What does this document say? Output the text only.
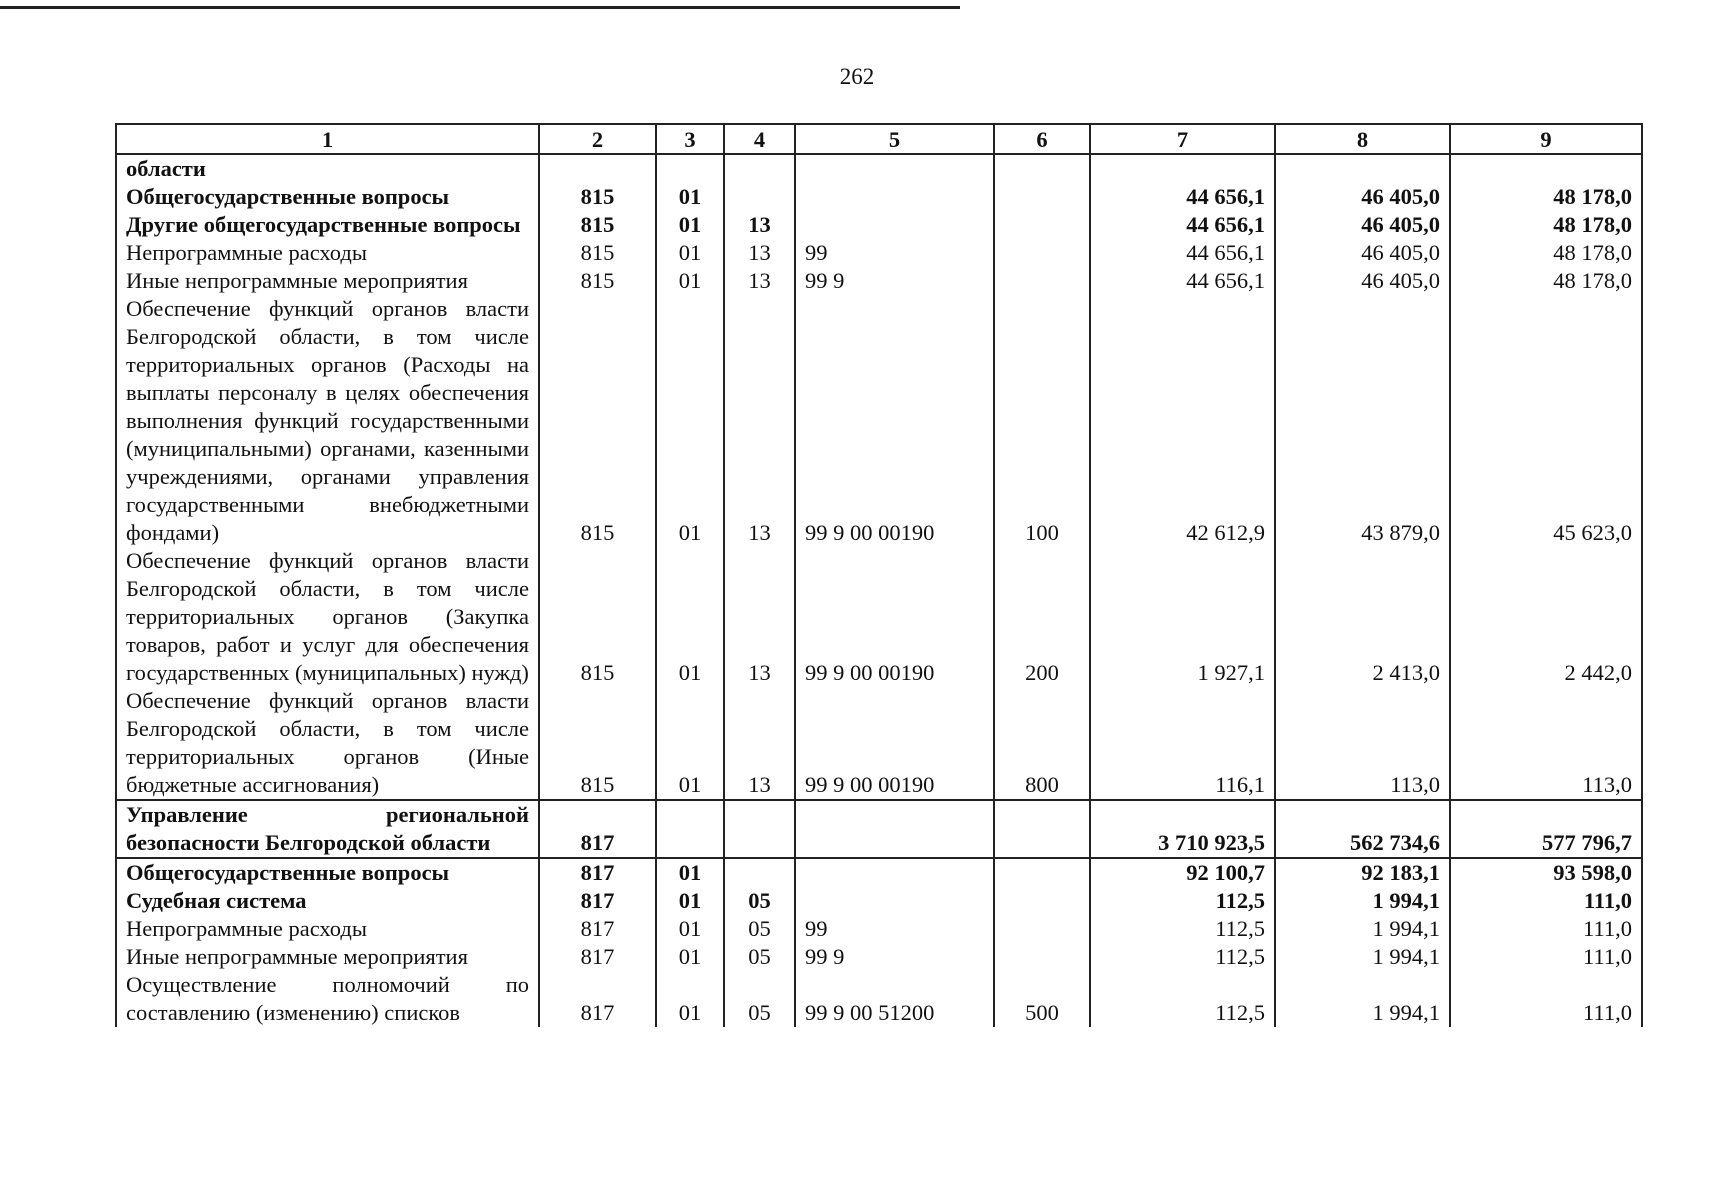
262
1	2	3	4	5	6	7	8	9
области								
Общегосударственные вопросы	815	01				44 656,1	46 405,0	48 178,0
Другие общегосударственные вопросы	815	01	13			44 656,1	46 405,0	48 178,0
Непрограммные расходы	815	01	13	99		44 656,1	46 405,0	48 178,0
Иные непрограммные мероприятия	815	01	13	99 9		44 656,1	46 405,0	48 178,0
Обеспечение функций органов власти Белгородской области, в том числе территориальных органов (Расходы на выплаты персоналу в целях обеспечения выполнения функций государственными (муниципальными) органами, казенными учреждениями, органами управления государственными внебюджетными фондами)	815	01	13	99 9 00 00190	100	42 612,9	43 879,0	45 623,0
Обеспечение функций органов власти Белгородской области, в том числе территориальных органов (Закупка товаров, работ и услуг для обеспечения государственных (муниципальных) нужд)	815	01	13	99 9 00 00190	200	1 927,1	2 413,0	2 442,0
Обеспечение функций органов власти Белгородской области, в том числе территориальных органов (Иные бюджетные ассигнования)	815	01	13	99 9 00 00190	800	116,1	113,0	113,0
Управление региональной безопасности Белгородской области	817					3 710 923,5	562 734,6	577 796,7
Общегосударственные вопросы	817	01				92 100,7	92 183,1	93 598,0
Судебная система	817	01	05			112,5	1 994,1	111,0
Непрограммные расходы	817	01	05	99		112,5	1 994,1	111,0
Иные непрограммные мероприятия	817	01	05	99 9		112,5	1 994,1	111,0
Осуществление полномочий по составлению (изменению) списков	817	01	05	99 9 00 51200	500	112,5	1 994,1	111,0
